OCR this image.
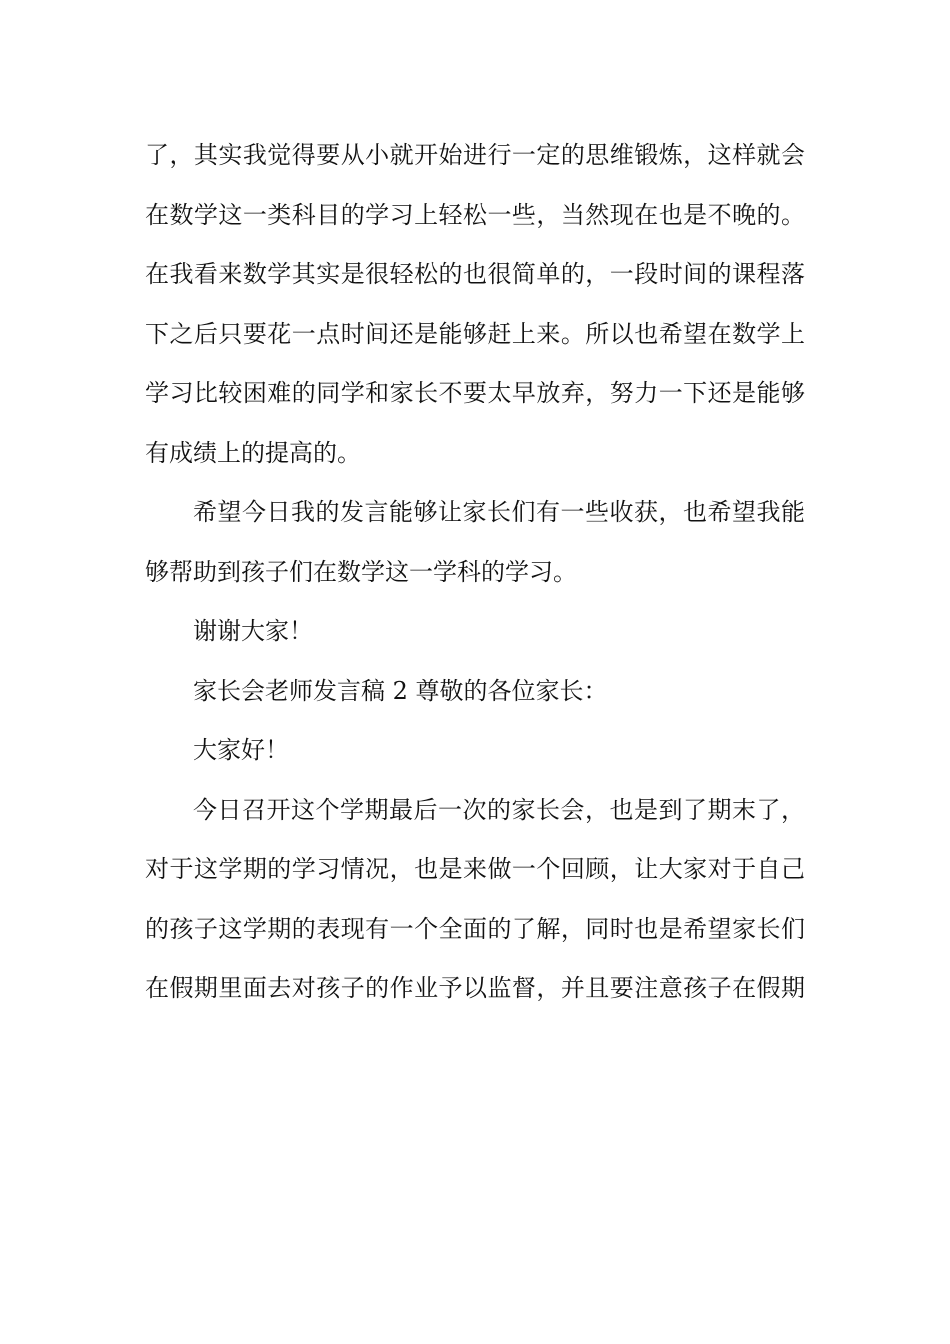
了，其实我觉得要从小就开始进行一定的思维锻炼，这样就会
在数学这一类科目的学习上轻松一些，当然现在也是不晚的。
在我看来数学其实是很轻松的也很简单的，一段时间的课程落
下之后只要花一点时间还是能够赶上来。所以也希望在数学上
学习比较困难的同学和家长不要太早放弃，努力一下还是能够
有成绩上的提高的。
希望今日我的发言能够让家长们有一些收获，也希望我能
够帮助到孩子们在数学这一学科的学习。
谢谢大家！
家长会老师发言稿 2 尊敬的各位家长：
大家好！
今日召开这个学期最后一次的家长会，也是到了期末了，
对于这学期的学习情况，也是来做一个回顾，让大家对于自己
的孩子这学期的表现有一个全面的了解，同时也是希望家长们
在假期里面去对孩子的作业予以监督，并且要注意孩子在假期
